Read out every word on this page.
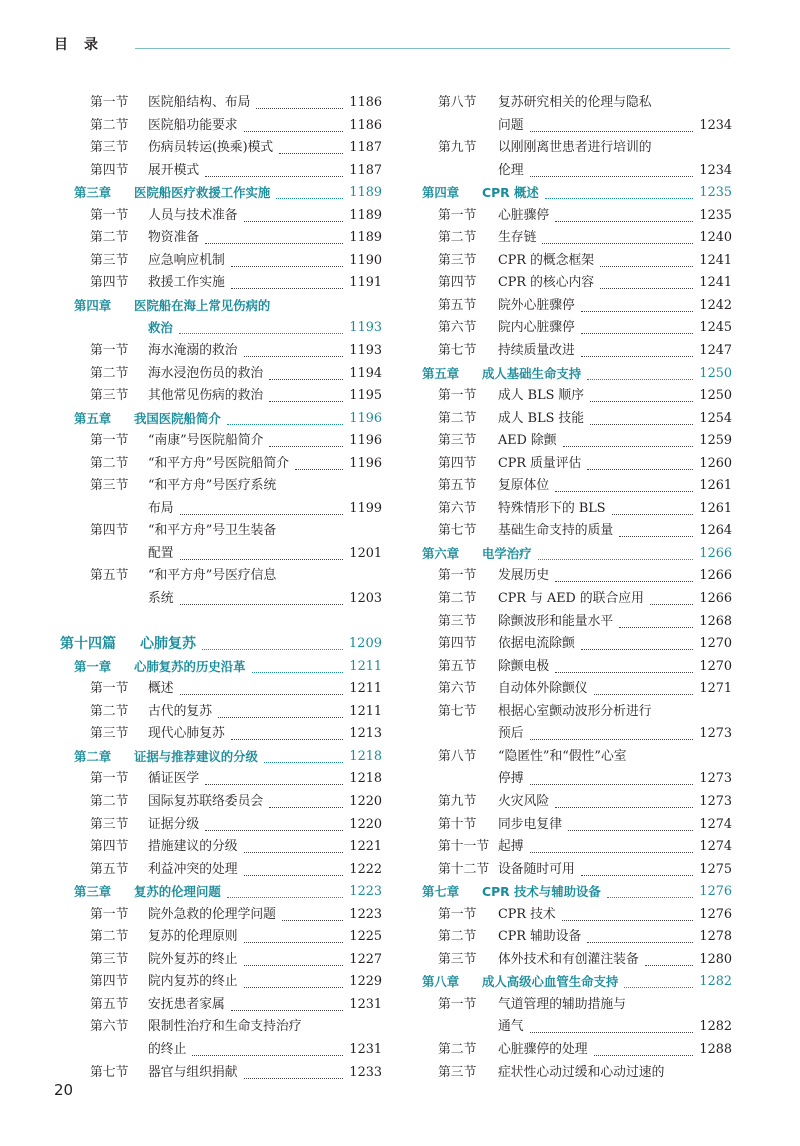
目录
第一节 医院船结构、布局	1186
第二节 医院船功能要求	1186
第三节 伤病员转运(换乘)模式	1187
第四节 展开模式	1187
第三章 医院船医疗救援工作实施	1189
第一节 人员与技术准备	1189
第二节 物资准备	1189
第三节 应急响应机制	1190
第四节 救援工作实施	1191
第四章 医院船在海上常见伤病的
救治	1193
第一节 海水淹溺的救治	1193
第二节 海水浸泡伤员的救治	1194
第三节 其他常见伤病的救治	1195
第五章 我国医院船简介	1196
第一节 “南康”号医院船简介	1196
第二节 “和平方舟”号医院船简介	1196
第三节 “和平方舟”号医疗系统
布局	1199
第四节 “和平方舟”号卫生装备
配置	1201
第五节 “和平方舟”号医疗信息
系统	1203
第十四篇 心肺复苏	1209
第一章 心肺复苏的历史沿革	1211
第一节 概述	1211
第二节 古代的复苏	1211
第三节 现代心肺复苏	1213
第二章 证据与推荐建议的分级	1218
第一节 循证医学	1218
第二节 国际复苏联络委员会	1220
第三节 证据分级	1220
第四节 措施建议的分级	1221
第五节 利益冲突的处理	1222
第三章 复苏的伦理问题	1223
第一节 院外急救的伦理学问题	1223
第二节 复苏的伦理原则	1225
第三节 院外复苏的终止	1227
第四节 院内复苏的终止	1229
第五节 安抚患者家属	1231
第六节 限制性治疗和生命支持治疗
的终止	1231
第七节 器官与组织捐献	1233
第八节 复苏研究相关的伦理与隐私
问题	1234
第九节 以刚刚离世患者进行培训的
伦理	1234
第四章 CPR 概述	1235
第一节 心脏骤停	1235
第二节 生存链	1240
第三节 CPR 的概念框架	1241
第四节 CPR 的核心内容	1241
第五节 院外心脏骤停	1242
第六节 院内心脏骤停	1245
第七节 持续质量改进	1247
第五章 成人基础生命支持	1250
第一节 成人 BLS 顺序	1250
第二节 成人 BLS 技能	1254
第三节 AED 除颤	1259
第四节 CPR 质量评估	1260
第五节 复原体位	1261
第六节 特殊情形下的 BLS	1261
第七节 基础生命支持的质量	1264
第六章 电学治疗	1266
第一节 发展历史	1266
第二节 CPR 与 AED 的联合应用	1266
第三节 除颤波形和能量水平	1268
第四节 依据电流除颤	1270
第五节 除颤电极	1270
第六节 自动体外除颤仪	1271
第七节 根据心室颤动波形分析进行
预后	1273
第八节 “隐匿性”和“假性”心室
停搏	1273
第九节 火灾风险	1273
第十节 同步电复律	1274
第十一节 起搏	1274
第十二节 设备随时可用	1275
第七章 CPR 技术与辅助设备	1276
第一节 CPR 技术	1276
第二节 CPR 辅助设备	1278
第三节 体外技术和有创灌注装备	1280
第八章 成人高级心血管生命支持	1282
第一节 气道管理的辅助措施与
通气	1282
第二节 心脏骤停的处理	1288
第三节 症状性心动过缓和心动过速的
20
